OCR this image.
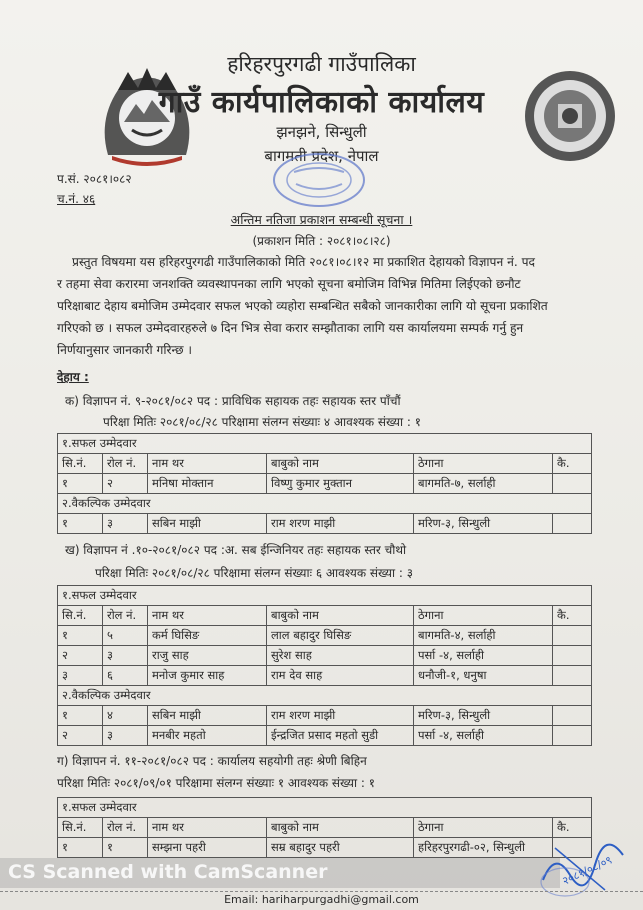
हरिहरपुरगढी गाउँपालिका
गाउँ कार्यपालिकाको कार्यालय
झनझने, सिन्धुली
बागमती प्रदेश, नेपाल
प.सं. २०८१।०८२
च.नं. ४६
अन्तिम नतिजा प्रकाशन सम्बन्धी सूचना ।
(प्रकाशन मिति : २०८१।०८।२८)
प्रस्तुत विषयमा यस हरिहरपुरगढी गाउँपालिकाको मिति २०८१।०८।१२ मा प्रकाशित देहायको विज्ञापन नं. पद
र तहमा सेवा करारमा जनशक्ति व्यवस्थापनका लागि भएको सूचना बमोजिम विभिन्न मितिमा लिईएको छनौट
परिक्षाबाट देहाय बमोजिम उम्मेदवार सफल भएको व्यहोरा सम्बन्धित सबैको जानकारीका लागि यो सूचना प्रकाशित
गरिएको छ । सफल उम्मेदवारहरुले ७ दिन भित्र सेवा करार सम्झौताका लागि यस कार्यालयमा सम्पर्क गर्नु हुन
निर्णयानुसार जानकारी गरिन्छ ।
देहाय :
क) विज्ञापन नं. ९-२०८१/०८२ पद : प्राविधिक सहायक तहः सहायक स्तर पाँचौं
परिक्षा मितिः २०८१/०८/२८ परिक्षामा संलग्न संख्याः ४ आवश्यक संख्या : १
१.सफल उम्मेदवार					
सि.नं.	रोल नं.	नाम थर	बाबुको नाम	ठेगाना	कै.
१	२	मनिषा मोक्तान	विष्णु कुमार मुक्तान	बागमति-७, सर्लाही	
२.वैकल्पिक उम्मेदवार					
१	३	सबिन माझी	राम शरण माझी	मरिण-३, सिन्धुली	
ख) विज्ञापन नं .१०-२०८१/०८२ पद :अ. सब ईन्जिनियर तहः सहायक स्तर चौथो
परिक्षा मितिः २०८१/०८/२८ परिक्षामा संलग्न संख्याः ६ आवश्यक संख्या : ३
१.सफल उम्मेदवार					
सि.नं.	रोल नं.	नाम थर	बाबुको नाम	ठेगाना	कै.
१	५	कर्म घिसिङ	लाल बहादुर घिसिङ	बागमति-४, सर्लाही	
२	३	राजु साह	सुरेश साह	पर्सा -४, सर्लाही	
३	६	मनोज कुमार साह	राम देव साह	धनौजी-१, धनुषा	
२.वैकल्पिक उम्मेदवार					
१	४	सबिन माझी	राम शरण माझी	मरिण-३, सिन्धुली	
२	३	मनबीर महतो	ईन्द्रजित प्रसाद महतो सुडी	पर्सा -४, सर्लाही	
ग) विज्ञापन नं. ११-२०८१/०८२ पद : कार्यालय सहयोगी तहः श्रेणी बिहिन
परिक्षा मितिः २०८१/०९/०१ परिक्षामा संलग्न संख्याः १ आवश्यक संख्या : १
१.सफल उम्मेदवार					
सि.नं.	रोल नं.	नाम थर	बाबुको नाम	ठेगाना	कै.
१	१	सम्झना पहरी	सम्र बहादुर पहरी	हरिहरपुरगढी-०२, सिन्धुली	
CS Scanned with CamScanner	२०८१/०८/०९
Email: hariharpurgadhi@gmail.com
